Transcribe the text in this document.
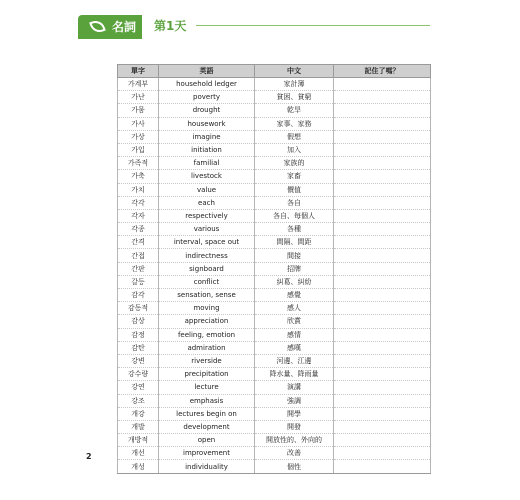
名詞 第1天
單字	英語	中文	記住了嗎？
가계부	household ledger	家計簿	
가난	poverty	貧困、貧窮	
가뭄	drought	乾旱	
가사	housework	家事、家務	
가상	imagine	假想	
가입	initiation	加入	
가족적	familial	家族的	
가축	livestock	家畜	
가치	value	價值	
각각	each	各自	
각자	respectively	各自、每個人	
각종	various	各種	
간격	interval, space out	間隔、間距	
간접	indirectness	間接	
간판	signboard	招牌	
갈등	conflict	糾葛、糾紛	
감각	sensation, sense	感覺	
감동적	moving	感人	
감상	appreciation	欣賞	
감정	feeling, emotion	感情	
감탄	admiration	感嘆	
강변	riverside	河邊、江邊	
강수량	precipitation	降水量、降雨量	
강연	lecture	演講	
강조	emphasis	強調	
개강	lectures begin on	開學	
개발	development	開發	
개방적	open	開放性的、外向的	
개선	improvement	改善	
개성	individuality	個性	
2
